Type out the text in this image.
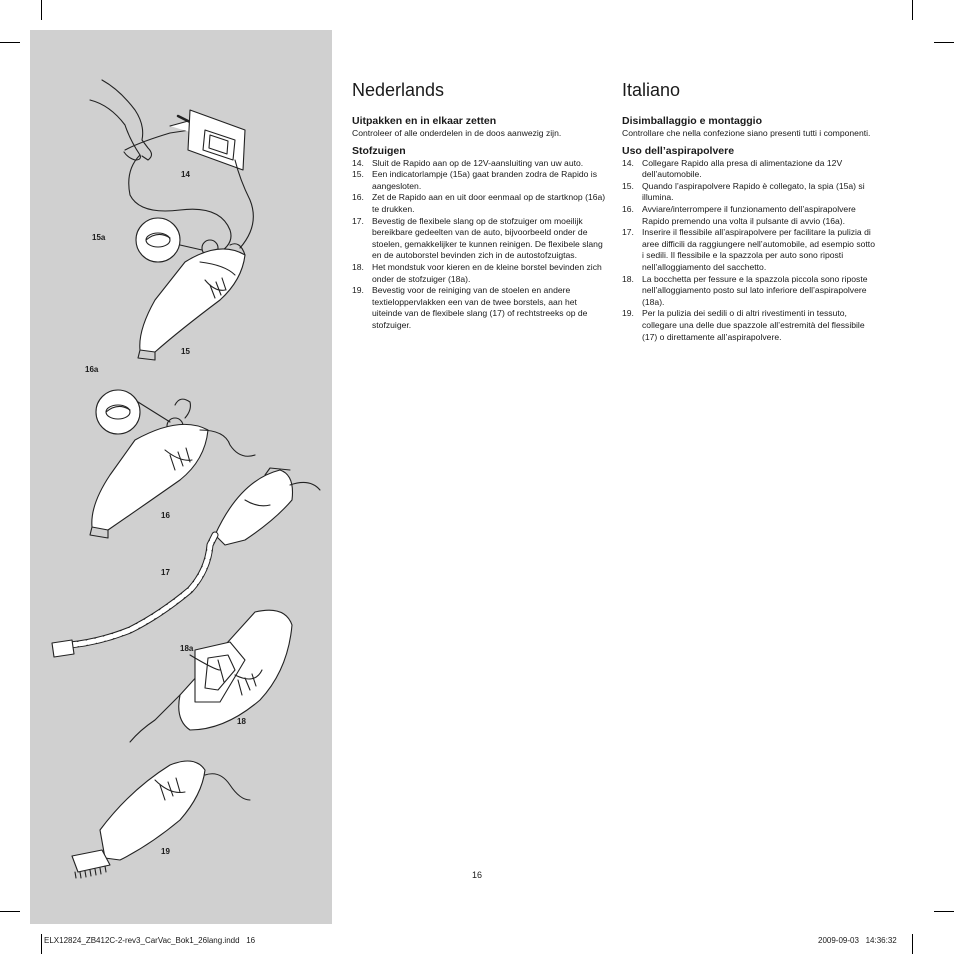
14
15a
15
16a
16
17
18a
18
19
Nederlands
Uitpakken en in elkaar zetten
Controleer of alle onderdelen in de doos aanwezig zijn.
Stofzuigen
14. Sluit de Rapido aan op de 12V-aansluiting van uw auto.
15. Een indicatorlampje (15a) gaat branden zodra de Rapido is aangesloten.
16. Zet de Rapido aan en uit door eenmaal op de startknop (16a) te drukken.
17. Bevestig de flexibele slang op de stofzuiger om moeilijk bereikbare gedeelten van de auto, bijvoorbeeld onder de stoelen, gemakkelijker te kunnen reinigen. De flexibele slang en de autoborstel bevinden zich in de autostofzuigtas.
18. Het mondstuk voor kieren en de kleine borstel bevinden zich onder de stofzuiger (18a).
19. Bevestig voor de reiniging van de stoelen en andere textieloppervlakken een van de twee borstels, aan het uiteinde van de flexibele slang (17) of rechtstreeks op de stofzuiger.
Italiano
Disimballaggio e montaggio
Controllare che nella confezione siano presenti tutti i componenti.
Uso dell’aspirapolvere
14. Collegare Rapido alla presa di alimentazione da 12V dell’automobile.
15. Quando l’aspirapolvere Rapido è collegato, la spia (15a) si illumina.
16. Avviare/interrompere il funzionamento dell’aspirapolvere Rapido premendo una volta il pulsante di avvio (16a).
17. Inserire il flessibile all’aspirapolvere per facilitare la pulizia di aree difficili da raggiungere nell’automobile, ad esempio sotto i sedili. Il flessibile e la spazzola per auto sono riposti nell’alloggiamento del sacchetto.
18. La bocchetta per fessure e la spazzola piccola sono riposte nell’alloggiamento posto sul lato inferiore dell’aspirapolvere (18a).
19. Per la pulizia dei sedili o di altri rivestimenti in tessuto, collegare una delle due spazzole all’estremità del flessibile (17) o direttamente all’aspirapolvere.
16
ELX12824_ZB412C-2-rev3_CarVac_Bok1_26lang.indd   16	2009-09-03   14:36:32
